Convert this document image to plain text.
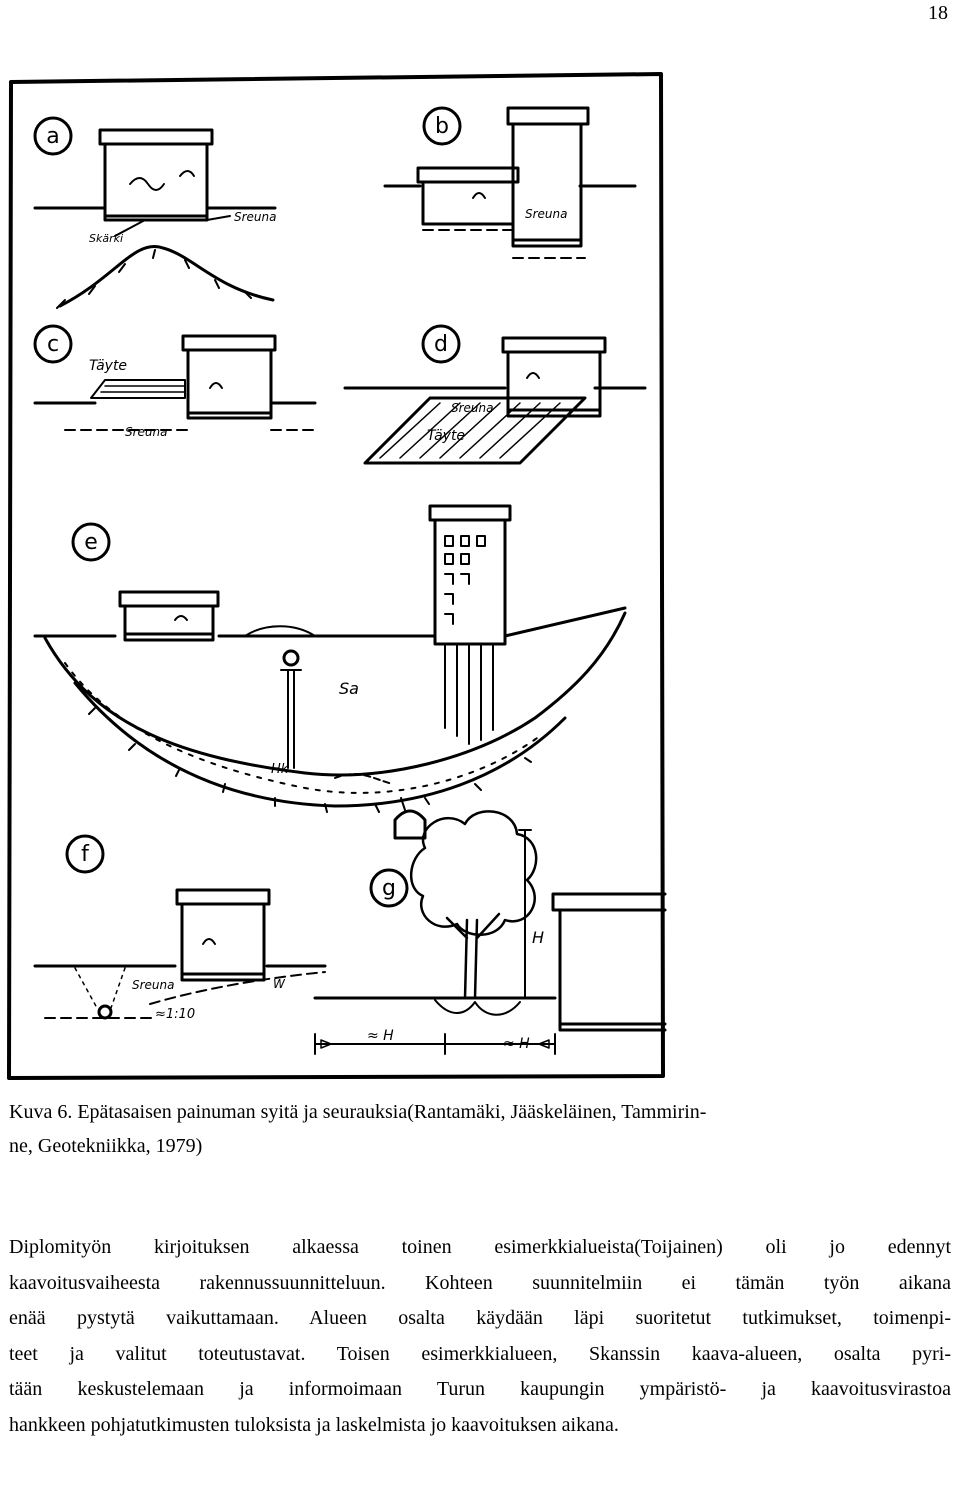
18
Sreuna
Skärki
Sreuna
Täyte
Sreuna
Sreuna
Täyte
Sa
Hk
Sreuna	W
≈1:10
H
≈ H	≈ H
a	b
c	d
e
f
g
Kuva 6. Epätasaisen painuman syitä ja seurauksia(Rantamäki, Jääskeläinen, Tammirin-
ne, Geotekniikka, 1979)
Diplomityön kirjoituksen alkaessa toinen esimerkkialueista(Toijainen) oli jo edennyt
kaavoitusvaiheesta rakennussuunnitteluun. Kohteen suunnitelmiin ei tämän työn aikana
enää pystytä vaikuttamaan. Alueen osalta käydään läpi suoritetut tutkimukset, toimenpi-
teet ja valitut toteutustavat. Toisen esimerkkialueen, Skanssin kaava-alueen, osalta pyri-
tään keskustelemaan ja informoimaan Turun kaupungin ympäristö- ja kaavoitusvirastoa
hankkeen pohjatutkimusten tuloksista ja laskelmista jo kaavoituksen aikana.
